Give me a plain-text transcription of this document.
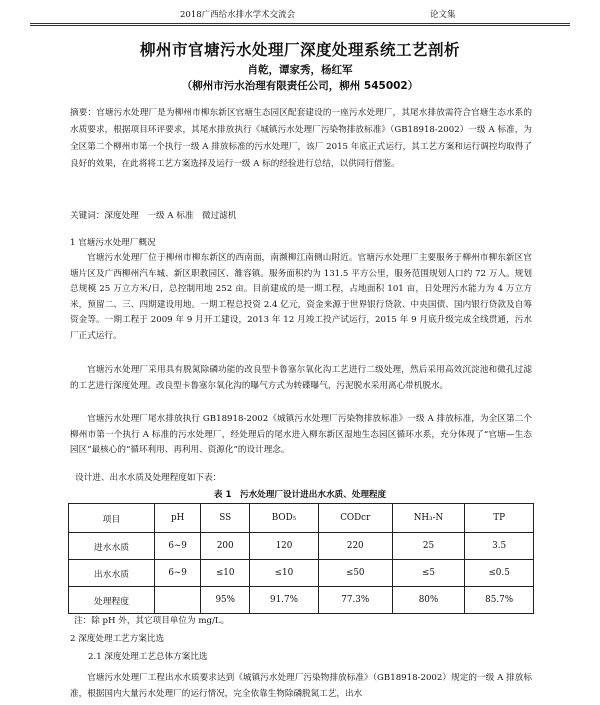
2018广西给水排水学术交流会	论文集
柳州市官塘污水处理厂深度处理系统工艺剖析
肖乾，谭家秀，杨红军
（柳州市污水治理有限责任公司，柳州 545002）

摘要：官塘污水处理厂是为柳州市柳东新区官塘生态园区配套建设的一座污水处理厂，其尾水排放需符合官塘生态水系的水质要求，根据项目环评要求，其尾水排放执行《城镇污水处理厂污染物排放标准》（GB18918-2002）一级 A 标准，为全区第二个柳州市第一个执行一级 A 排放标准的污水处理厂，该厂 2015 年底正式运行，其工艺方案和运行调控均取得了良好的效果，在此将将工艺方案选择及运行一级 A 标的经验进行总结，以供同行借鉴。

关键词：深度处理　一级 A 标准　微过滤机

1 官塘污水处理厂概况

官塘污水处理厂位于柳州市柳东新区的西南面，南濒柳江南侧山附近。官塘污水处理厂主要服务于柳州市柳东新区官塘片区及广西柳州汽车城、新区职教园区、雒容镇。服务面积约为 131.5 平方公里，服务范围规划人口约 72 万人。规划总规模 25 万立方米/日，总控制用地 252 亩。目前建成的是一期工程，占地面积 101 亩，日处理污水能力为 4 万立方米，预留二、三、四期建设用地。一期工程总投资 2.4 亿元，资金来源于世界银行贷款、中央国债、国内银行贷款及自筹资金等。一期工程于 2009 年 9 月开工建设，2013 年 12 月竣工投产试运行，2015 年 9 月底升级完成全线贯通，污水厂正式运行。

官塘污水处理厂采用具有脱氮除磷功能的改良型卡鲁塞尔氧化沟工艺进行二级处理，然后采用高效沉淀池和微孔过滤的工艺进行深度处理。改良型卡鲁塞尔氧化沟的曝气方式为转碟曝气，污泥脱水采用离心带机脱水。

官塘污水处理厂尾水排放执行 GB18918-2002《城镇污水处理厂污染物排放标准》一级 A 排放标准，为全区第二个柳州市第一个执行 A 标准的污水处理厂，经处理后的尾水进入柳东新区湿地生态园区循环水系，充分体现了“官塘—生态园区”最核心的“循环利用、再利用、资源化”的设计理念。

设计进、出水水质及处理程度如下表：

表 1　污水处理厂设计进出水水质、处理程度
项目	pH	SS	BOD₅	CODcr	NH₃-N	TP
进水水质	6~9	200	120	220	25	3.5
出水水质	6~9	≤10	≤10	≤50	≤5	≤0.5
处理程度		95%	91.7%	77.3%	80%	85.7%

注：除 pH 外，其它项目单位为 mg/L。

2 深度处理工艺方案比选

2.1 深度处理工艺总体方案比选

官塘污水处理厂工程出水水质要求达到《城镇污水处理厂污染物排放标准》（GB18918-2002）规定的一级 A 排放标准，根据国内大量污水处理厂的运行情况，完全依靠生物除磷脱氮工艺，出水
